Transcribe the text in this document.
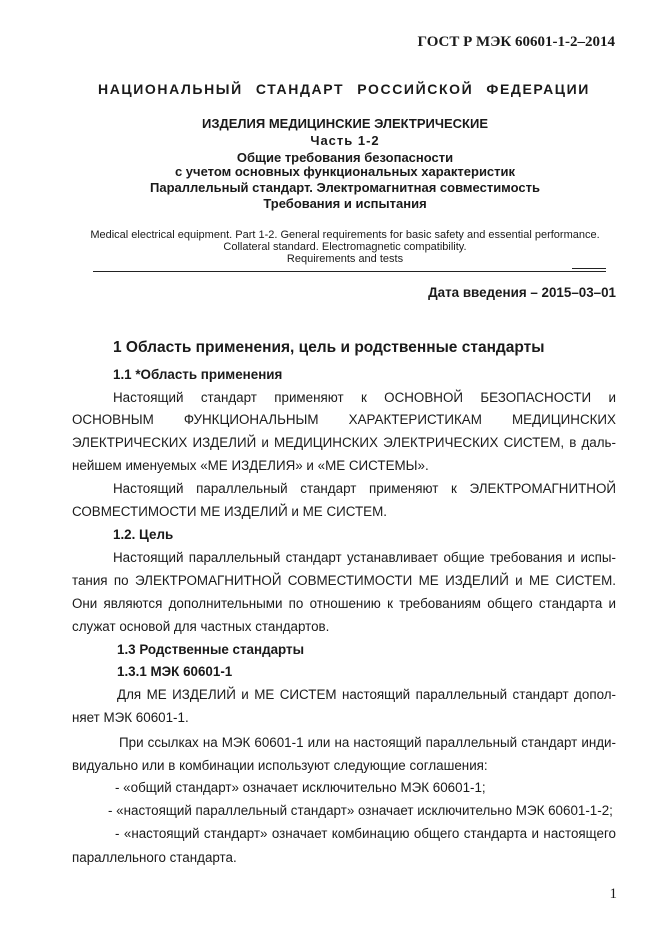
ГОСТ Р МЭК 60601-1-2–2014
НАЦИОНАЛЬНЫЙ СТАНДАРТ РОССИЙСКОЙ ФЕДЕРАЦИИ
ИЗДЕЛИЯ МЕДИЦИНСКИЕ ЭЛЕКТРИЧЕСКИЕ
Часть 1-2
Общие требования безопасности
с учетом основных функциональных характеристик
Параллельный стандарт. Электромагнитная совместимость
Требования и испытания
Medical electrical equipment. Part 1-2. General requirements for basic safety and essential performance.
Collateral standard. Electromagnetic compatibility.
Requirements and tests
Дата введения – 2015–03–01
1 Область применения, цель и родственные стандарты
1.1 *Область применения
Настоящий стандарт применяют к ОСНОВНОЙ БЕЗОПАСНОСТИ и
ОСНОВНЫМ ФУНКЦИОНАЛЬНЫМ ХАРАКТЕРИСТИКАМ МЕДИЦИНСКИХ
ЭЛЕКТРИЧЕСКИХ ИЗДЕЛИЙ и МЕДИЦИНСКИХ ЭЛЕКТРИЧЕСКИХ СИСТЕМ, в даль-
нейшем именуемых «МЕ ИЗДЕЛИЯ» и «МЕ СИСТЕМЫ».
Настоящий параллельный стандарт применяют к ЭЛЕКТРОМАГНИТНОЙ
СОВМЕСТИМОСТИ МЕ ИЗДЕЛИЙ и МЕ СИСТЕМ.
1.2. Цель
Настоящий параллельный стандарт устанавливает общие требования и испы-
тания по ЭЛЕКТРОМАГНИТНОЙ СОВМЕСТИМОСТИ МЕ ИЗДЕЛИЙ и МЕ СИСТЕМ.
Они являются дополнительными по отношению к требованиям общего стандарта и
служат основой для частных стандартов.
1.3 Родственные стандарты
1.3.1 МЭК 60601-1
Для МЕ ИЗДЕЛИЙ и МЕ СИСТЕМ настоящий параллельный стандарт допол-
няет МЭК 60601-1.
При ссылках на МЭК 60601-1 или на настоящий параллельный стандарт инди-
видуально или в комбинации используют следующие соглашения:
- «общий стандарт» означает исключительно МЭК 60601-1;
- «настоящий параллельный стандарт» означает исключительно МЭК 60601-1-2;
- «настоящий стандарт» означает комбинацию общего стандарта и настоящего
параллельного стандарта.
1
